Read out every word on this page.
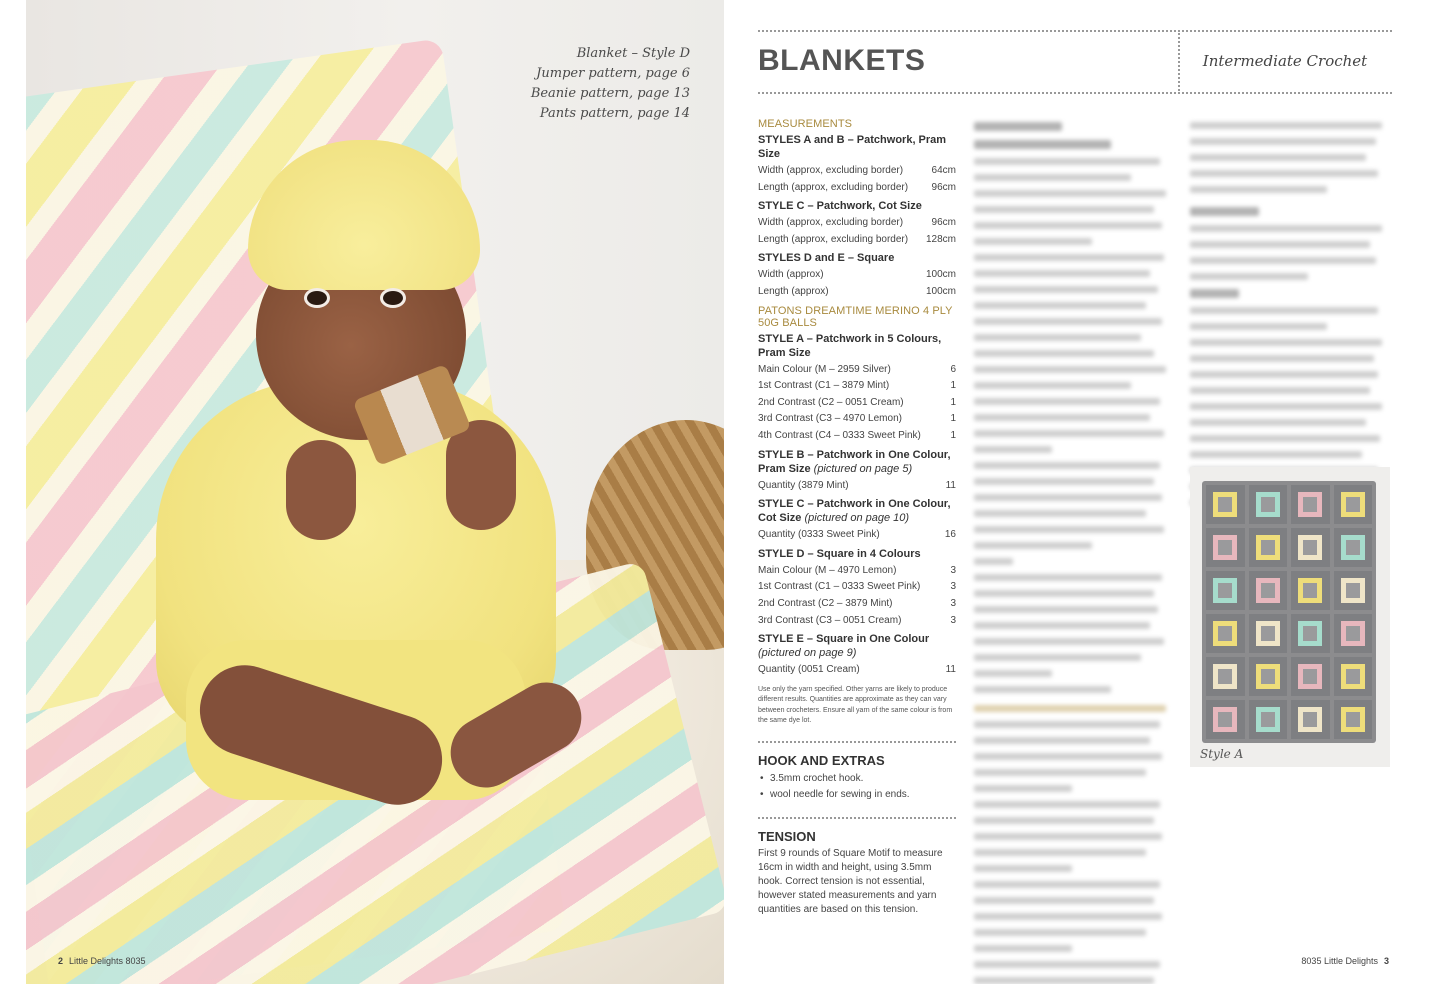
Blanket – Style D
Jumper pattern, page 6
Beanie pattern, page 13
Pants pattern, page 14
2 Little Delights 8035
BLANKETS	Intermediate Crochet
MEASUREMENTS
STYLES A and B – Patchwork, Pram Size
Width (approx, excluding border)	64cm
Length (approx, excluding border) 96cm
STYLE C – Patchwork, Cot Size
Width (approx, excluding border)	96cm
Length (approx, excluding border) 128cm
STYLES D and E – Square
Width (approx)	100cm
Length (approx)	100cm
PATONS DREAMTIME MERINO 4 PLY 50G BALLS
STYLE A – Patchwork in 5 Colours, Pram Size
Main Colour (M – 2959 Silver)	6
1st Contrast (C1 – 3879 Mint)	1
2nd Contrast (C2 – 0051 Cream)	1
3rd Contrast (C3 – 4970 Lemon)	1
4th Contrast (C4 – 0333 Sweet Pink)	1
STYLE B – Patchwork in One Colour, Pram Size (pictured on page 5)
Quantity (3879 Mint)	11
STYLE C – Patchwork in One Colour, Cot Size (pictured on page 10)
Quantity (0333 Sweet Pink)	16
STYLE D – Square in 4 Colours
Main Colour (M – 4970 Lemon)	3
1st Contrast (C1 – 0333 Sweet Pink)	3
2nd Contrast (C2 – 3879 Mint)	3
3rd Contrast (C3 – 0051 Cream)	3
STYLE E – Square in One Colour (pictured on page 9)
Quantity (0051 Cream)	11
Use only the yarn specified. Other yarns are likely to produce different results. Quantities are approximate as they can vary between crocheters. Ensure all yarn of the same colour is from the same dye lot.
HOOK AND EXTRAS
• 3.5mm crochet hook.
• wool needle for sewing in ends.
TENSION
First 9 rounds of Square Motif to measure 16cm in width and height, using 3.5mm hook. Correct tension is not essential, however stated measurements and yarn quantities are based on this tension.
Style A
8035 Little Delights 3
